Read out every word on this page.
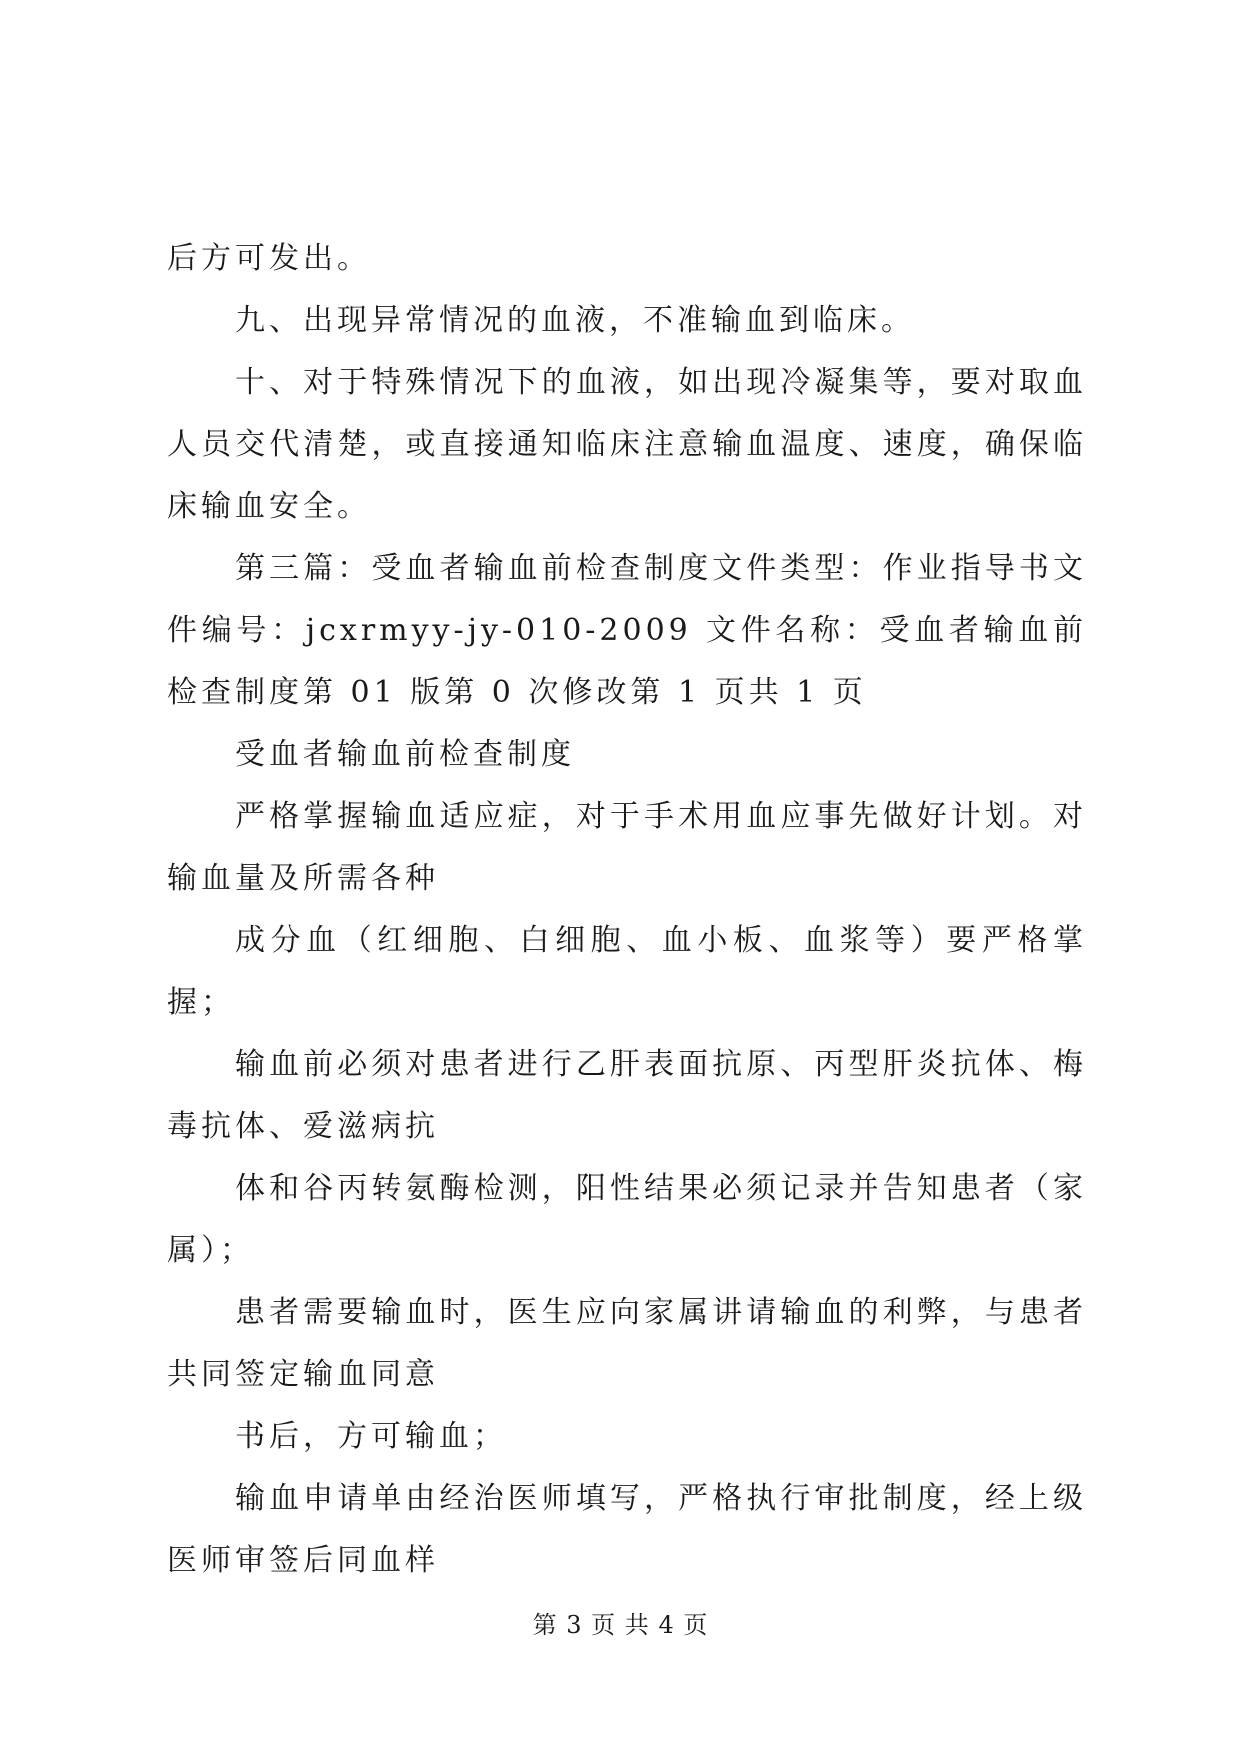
后方可发出。

九、出现异常情况的血液，不准输血到临床。

十、对于特殊情况下的血液，如出现冷凝集等，要对取血人员交代清楚，或直接通知临床注意输血温度、速度，确保临床输血安全。

第三篇：受血者输血前检查制度文件类型：作业指导书文件编号：jcxrmyy-jy-010-2009 文件名称：受血者输血前检查制度第 01 版第 0 次修改第 1 页共 1 页

受血者输血前检查制度

严格掌握输血适应症，对于手术用血应事先做好计划。对输血量及所需各种

成分血（红细胞、白细胞、血小板、血浆等）要严格掌握；

输血前必须对患者进行乙肝表面抗原、丙型肝炎抗体、梅毒抗体、爱滋病抗

体和谷丙转氨酶检测，阳性结果必须记录并告知患者（家属）；

患者需要输血时，医生应向家属讲请输血的利弊，与患者共同签定输血同意

书后，方可输血；

输血申请单由经治医师填写，严格执行审批制度，经上级医师审签后同血样

第 3 页 共 4 页
